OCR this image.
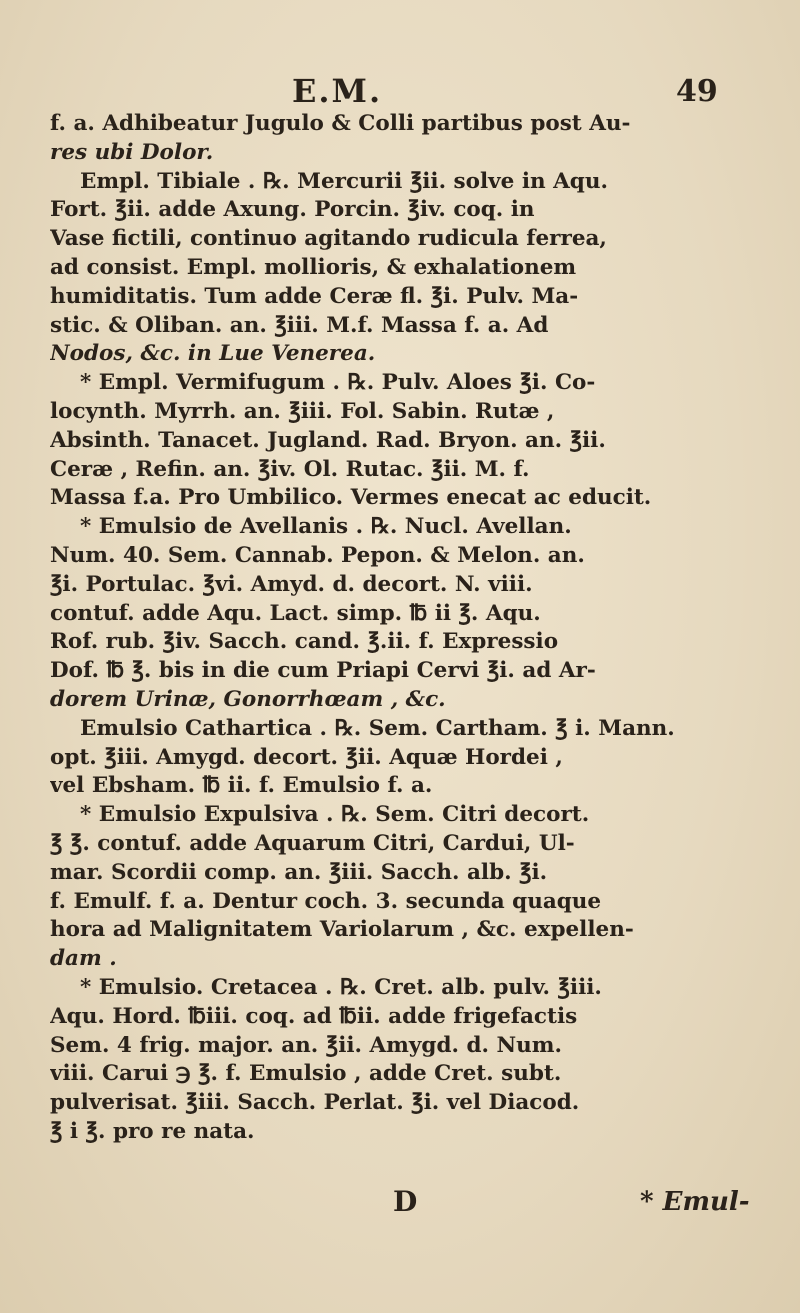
E.M.	49
f. a. Adhibeatur Jugulo & Colli partibus post Au-
res ubi Dolor.
Empl. Tibiale . ℞. Mercurii ℥ii. solve in Aqu.
Fort. ℥ii. adde Axung. Porcin. ℥iv. coq. in
Vase fictili, continuo agitando rudicula ferrea,
ad consist. Empl. mollioris, & exhalationem
humiditatis. Tum adde Ceræ fl. ℥i. Pulv. Ma-
stic. & Oliban. an. ℥iii. M.f. Massa f. a. Ad
Nodos, &c. in Lue Venerea.
* Empl. Vermifugum . ℞. Pulv. Aloes ℥i. Co-
locynth. Myrrh. an. ℥iii. Fol. Sabin. Rutæ ,
Absinth. Tanacet. Jugland. Rad. Bryon. an. ℥ii.
Ceræ , Refin. an. ℥iv. Ol. Rutac. ℥ii. M. f.
Massa f.a. Pro Umbilico. Vermes enecat ac educit.
* Emulsio de Avellanis . ℞. Nucl. Avellan.
Num. 40. Sem. Cannab. Pepon. & Melon. an.
℥i. Portulac. ℥vi. Amyd. d. decort. N. viii.
contuf. adde Aqu. Lact. simp. ℔ ii ℥. Aqu.
Rof. rub. ℥iv. Sacch. cand. ℥.ii. f. Expressio
Dof. ℔ ℥. bis in die cum Priapi Cervi ℥i. ad Ar-
dorem Urinæ, Gonorrhœam , &c.
Emulsio Cathartica . ℞. Sem. Cartham. ℥ i. Mann.
opt. ℥iii. Amygd. decort. ℥ii. Aquæ Hordei ,
vel Ebsham. ℔ ii. f. Emulsio f. a.
* Emulsio Expulsiva . ℞. Sem. Citri decort.
℥ ℥. contuf. adde Aquarum Citri, Cardui, Ul-
mar. Scordii comp. an. ℥iii. Sacch. alb. ℥i.
f. Emulf. f. a. Dentur coch. 3. secunda quaque
hora ad Malignitatem Variolarum , &c. expellen-
dam .
* Emulsio. Cretacea . ℞. Cret. alb. pulv. ℥iii.
Aqu. Hord. ℔iii. coq. ad ℔ii. adde frigefactis
Sem. 4 frig. major. an. ℥ii. Amygd. d. Num.
viii. Carui ℈ ℥. f. Emulsio , adde Cret. subt.
pulverisat. ℥iii. Sacch. Perlat. ℥i. vel Diacod.
℥ i ℥. pro re nata.
D	* Emul-
